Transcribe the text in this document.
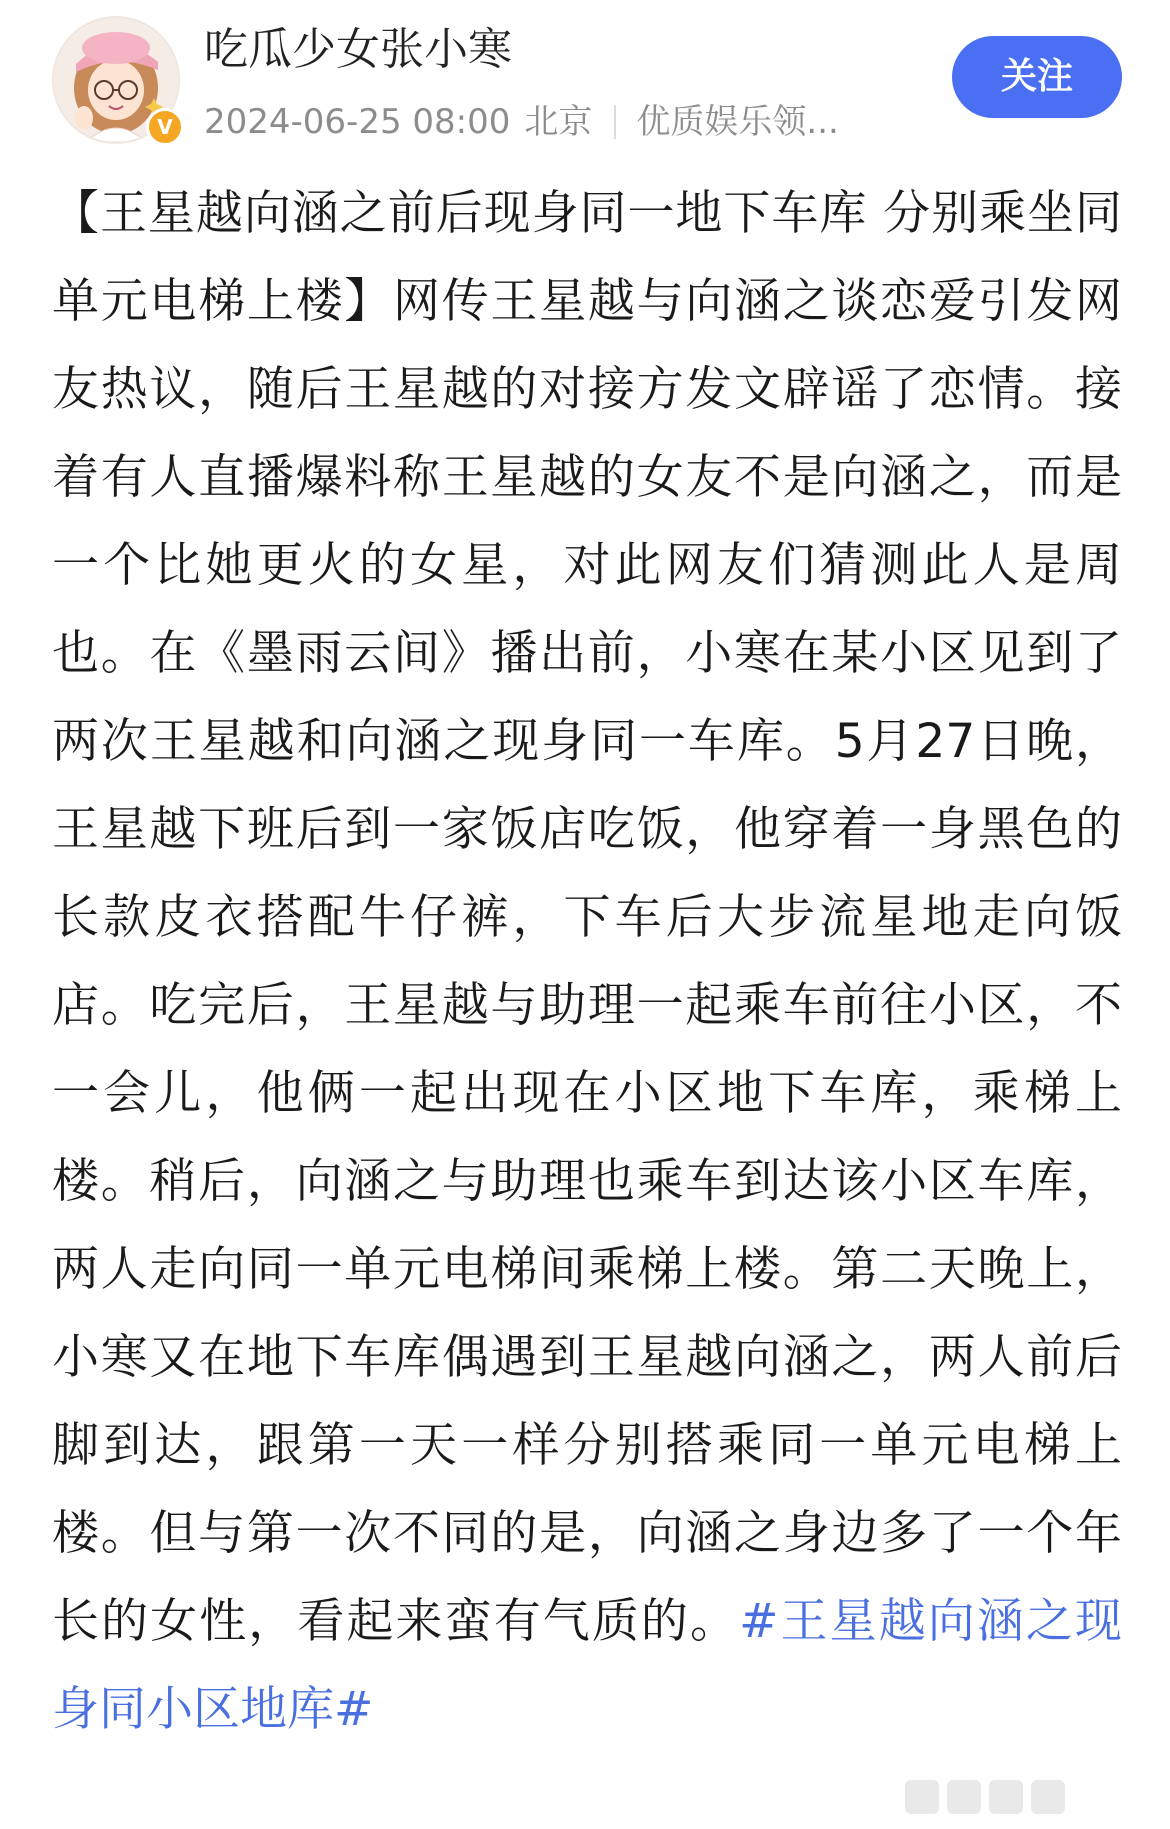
V
吃瓜少女张小寒
2024-06-25 08:00 北京 优质娱乐领...
关注
【王星越向涵之前后现身同一地下车库 分别乘坐同单元电梯上楼】网传王星越与向涵之谈恋爱引发网友热议，随后王星越的对接方发文辟谣了恋情。接着有人直播爆料称王星越的女友不是向涵之，而是一个比她更火的女星，对此网友们猜测此人是周也。在《墨雨云间》播出前，小寒在某小区见到了两次王星越和向涵之现身同一车库。5月27日晚，王星越下班后到一家饭店吃饭，他穿着一身黑色的长款皮衣搭配牛仔裤，下车后大步流星地走向饭店。吃完后，王星越与助理一起乘车前往小区，不一会儿，他俩一起出现在小区地下车库，乘梯上楼。稍后，向涵之与助理也乘车到达该小区车库，两人走向同一单元电梯间乘梯上楼。第二天晚上，小寒又在地下车库偶遇到王星越向涵之，两人前后脚到达，跟第一天一样分别搭乘同一单元电梯上楼。但与第一次不同的是，向涵之身边多了一个年长的女性，看起来蛮有气质的。#王星越向涵之现身同小区地库#
